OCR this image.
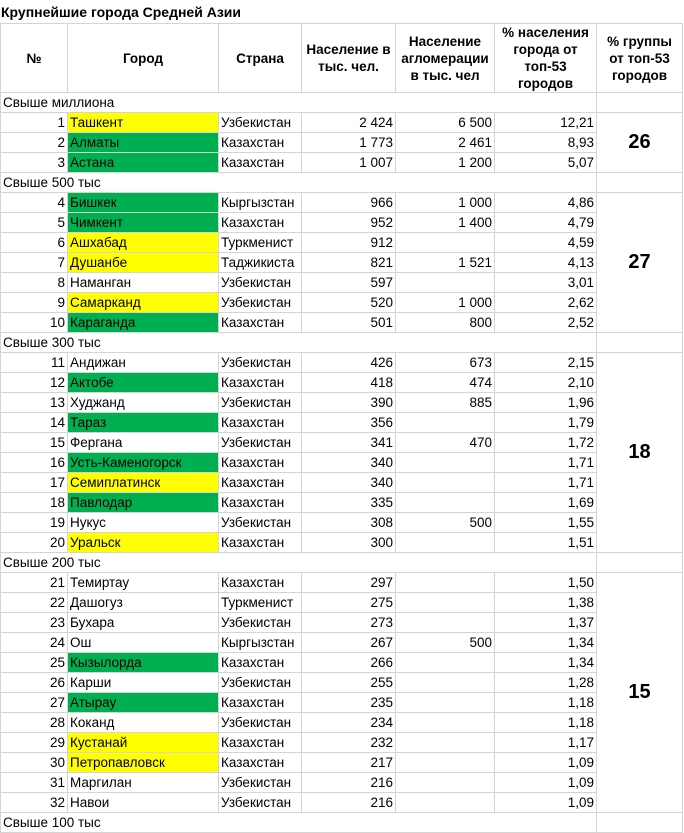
Крупнейшие города Средней Азии
№	Город	Страна	Население в тыс. чел.	Население агломерации в тыс. чел	% населения города от топ-53 городов	% группы от топ-53 городов
Свыше миллиона						
1	Ташкент	Узбекистан	2 424	6 500	12,21	26
2	Алматы	Казахстан	1 773	2 461	8,93	
3	Астана	Казахстан	1 007	1 200	5,07	
Свыше 500 тыс						
4	Бишкек	Кыргызстан	966	1 000	4,86	27
5	Чимкент	Казахстан	952	1 400	4,79	
6	Ашхабад	Туркменист	912		4,59	
7	Душанбе	Таджикиста	821	1 521	4,13	
8	Наманган	Узбекистан	597		3,01	
9	Самарканд	Узбекистан	520	1 000	2,62	
10	Караганда	Казахстан	501	800	2,52	
Свыше 300 тыс						
11	Андижан	Узбекистан	426	673	2,15	18
12	Актобе	Казахстан	418	474	2,10	
13	Худжанд	Узбекистан	390	885	1,96	
14	Тараз	Казахстан	356		1,79	
15	Фергана	Узбекистан	341	470	1,72	
16	Усть-Каменогорск	Казахстан	340		1,71	
17	Семиплатинск	Казахстан	340		1,71	
18	Павлодар	Казахстан	335		1,69	
19	Нукус	Узбекистан	308	500	1,55	
20	Уральск	Казахстан	300		1,51	
Свыше 200 тыс						
21	Темиртау	Казахстан	297		1,50	15
22	Дашогуз	Туркменист	275		1,38	
23	Бухара	Узбекистан	273		1,37	
24	Ош	Кыргызстан	267	500	1,34	
25	Кызылорда	Казахстан	266		1,34	
26	Карши	Узбекистан	255		1,28	
27	Атырау	Казахстан	235		1,18	
28	Коканд	Узбекистан	234		1,18	
29	Кустанай	Казахстан	232		1,17	
30	Петропавловск	Казахстан	217		1,09	
31	Маргилан	Узбекистан	216		1,09	
32	Навои	Узбекистан	216		1,09	
Свыше 100 тыс						
